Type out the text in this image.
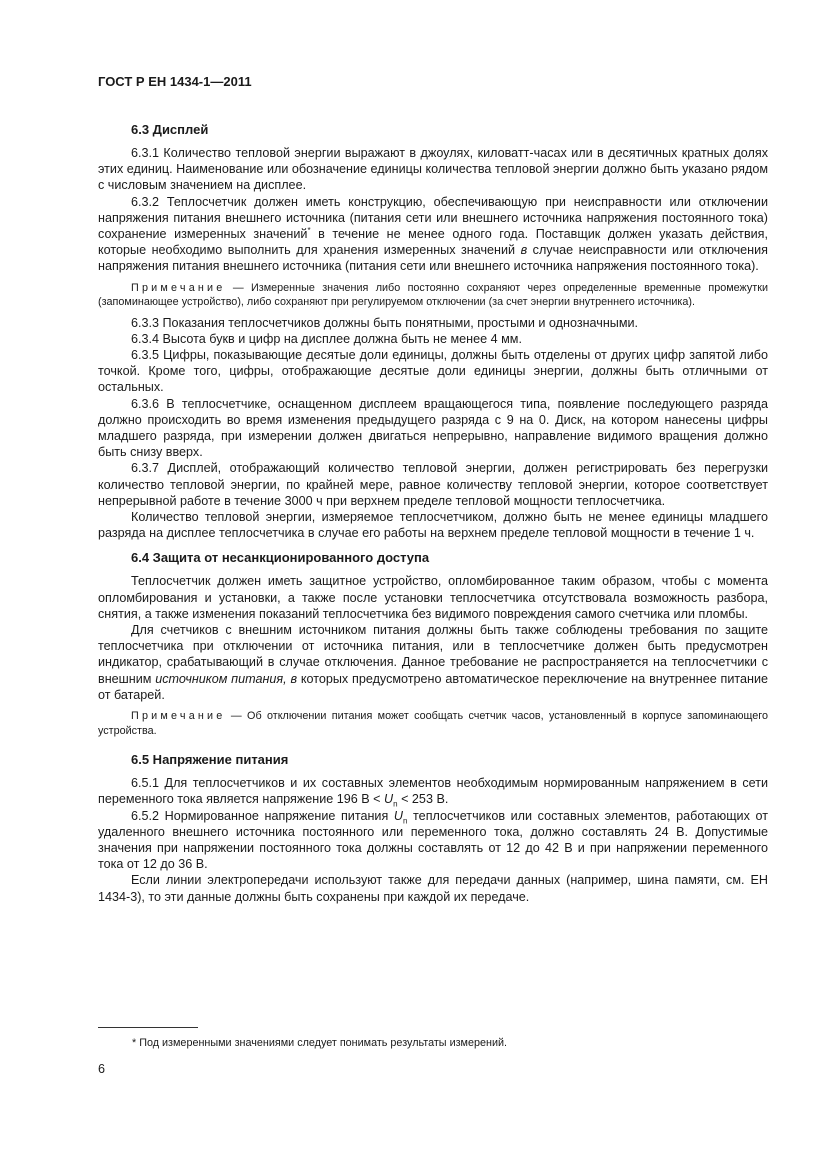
ГОСТ Р ЕН 1434-1—2011
6.3 Дисплей

6.3.1 Количество тепловой энергии выражают в джоулях, киловатт-часах или в десятичных кратных долях этих единиц. Наименование или обозначение единицы количества тепловой энергии должно быть указано рядом с числовым значением на дисплее.

6.3.2 Теплосчетчик должен иметь конструкцию, обеспечивающую при неисправности или отключении напряжения питания внешнего источника (питания сети или внешнего источника напряжения постоянного тока) сохранение измеренных значений* в течение не менее одного года. Поставщик должен указать действия, которые необходимо выполнить для хранения измеренных значений в случае неисправности или отключения напряжения питания внешнего источника (питания сети или внешнего источника напряжения постоянного тока).

Примечание — Измеренные значения либо постоянно сохраняют через определенные временные промежутки (запоминающее устройство), либо сохраняют при регулируемом отключении (за счет энергии внутреннего источника).

6.3.3 Показания теплосчетчиков должны быть понятными, простыми и однозначными.

6.3.4 Высота букв и цифр на дисплее должна быть не менее 4 мм.

6.3.5 Цифры, показывающие десятые доли единицы, должны быть отделены от других цифр запятой либо точкой. Кроме того, цифры, отображающие десятые доли единицы энергии, должны быть отличными от остальных.

6.3.6 В теплосчетчике, оснащенном дисплеем вращающегося типа, появление последующего разряда должно происходить во время изменения предыдущего разряда с 9 на 0. Диск, на котором нанесены цифры младшего разряда, при измерении должен двигаться непрерывно, направление видимого вращения должно быть снизу вверх.

6.3.7 Дисплей, отображающий количество тепловой энергии, должен регистрировать без перегрузки количество тепловой энергии, по крайней мере, равное количеству тепловой энергии, которое соответствует непрерывной работе в течение 3000 ч при верхнем пределе тепловой мощности теплосчетчика.

Количество тепловой энергии, измеряемое теплосчетчиком, должно быть не менее единицы младшего разряда на дисплее теплосчетчика в случае его работы на верхнем пределе тепловой мощности в течение 1 ч.

6.4 Защита от несанкционированного доступа

Теплосчетчик должен иметь защитное устройство, опломбированное таким образом, чтобы с момента опломбирования и установки, а также после установки теплосчетчика отсутствовала возможность разбора, снятия, а также изменения показаний теплосчетчика без видимого повреждения самого счетчика или пломбы.

Для счетчиков с внешним источником питания должны быть также соблюдены требования по защите теплосчетчика при отключении от источника питания, или в теплосчетчике должен быть предусмотрен индикатор, срабатывающий в случае отключения. Данное требование не распространяется на теплосчетчики с внешним источником питания, в которых предусмотрено автоматическое переключение на внутреннее питание от батарей.

Примечание — Об отключении питания может сообщать счетчик часов, установленный в корпусе запоминающего устройства.
6.5 Напряжение питания

6.5.1 Для теплосчетчиков и их составных элементов необходимым нормированным напряжением в сети переменного тока является напряжение 196 $В < U_n < 253$ В.

6.5.2 Нормированное напряжение питания $U_n$ теплосчетчиков или составных элементов, работающих от удаленного внешнего источника постоянного или переменного тока, должно составлять 24 В. Допустимые значения при напряжении постоянного тока должны составлять от 12 до 42 В и при напряжении переменного тока от 12 до 36 В.

Если линии электропередачи используют также для передачи данных (например, шина памяти, см. ЕН 1434-3), то эти данные должны быть сохранены при каждой их передаче.

* Под измеренными значениями следует понимать результаты измерений.
6
